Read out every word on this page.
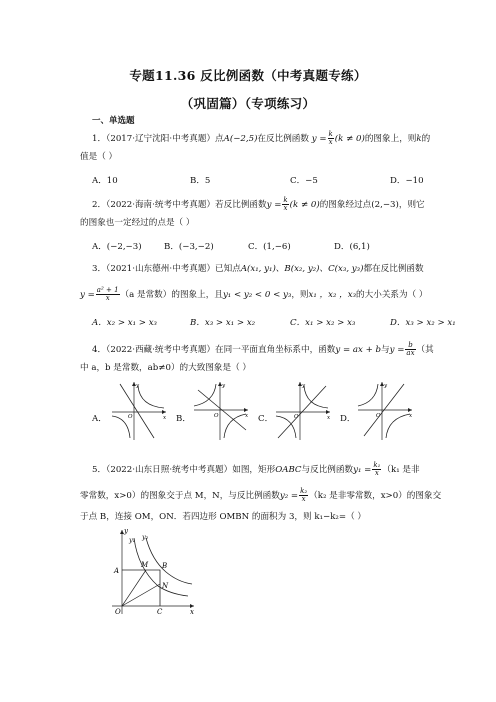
专题11.36 反比例函数（中考真题专练）
（巩固篇）（专项练习）
一、单选题
1．（2017·辽宁沈阳·中考真题）点A(−2,5)在反比例函数 $y = \frac{k}{x} (k \ne 0)$的图象上，则k的
值是（ ）
A．10	B．5	C．−5	D．−10
2．（2022·海南·统考中考真题）若反比例函数$y = \frac{k}{x} (k \ne 0)$的图象经过点(2,−3)，则它
的图象也一定经过的点是（ ）
A．(−2,−3)	B．(−3,−2)	C．(1,−6)	D．(6,1)
3．（2021·山东德州·中考真题）已知点A(x₁, y₁)、B(x₂, y₂)、C(x₃, y₃)都在反比例函数
$y = \frac{\text{a² + 1}}{x} (a$ 是常数）的图象上，且y₁ < y₂ < 0 < y₃，则x₁ ，x₂ ，x₃的大小关系为（ ）
A．x₂ > x₁ > x₃	B．x₃ > x₁ > x₂	C．x₁ > x₂ > x₃	D．x₃ > x₂ > x₁
4．（2022·西藏·统考中考真题）在同一平面直角坐标系中，函数y = ax + b与$y = \frac{b}{ax}$ （其
中 a，b 是常数，ab≠0）的大致图象是（ ）
A．	B．	C．	D．
O	x
y
O	x
y
O	x
y
O	x
y
5．（2022·山东日照·统考中考真题）如图，矩形OABC与反比例函数$y_1 = \frac{\text{k₁}}{x} (k_1$ 是非
零常数，x>0）的图象交于点 M，N，与反比例函数$y_2 = \frac{\text{k₂}}{x} (k_2$ 是非零常数，x>0）的图象交
于点 B，连接 OM，ON．若四边形 OMBN 的面积为 3，则 k₁−k₂=（ ）
y
x
O
y₁ y₂
A
M B
N
C
